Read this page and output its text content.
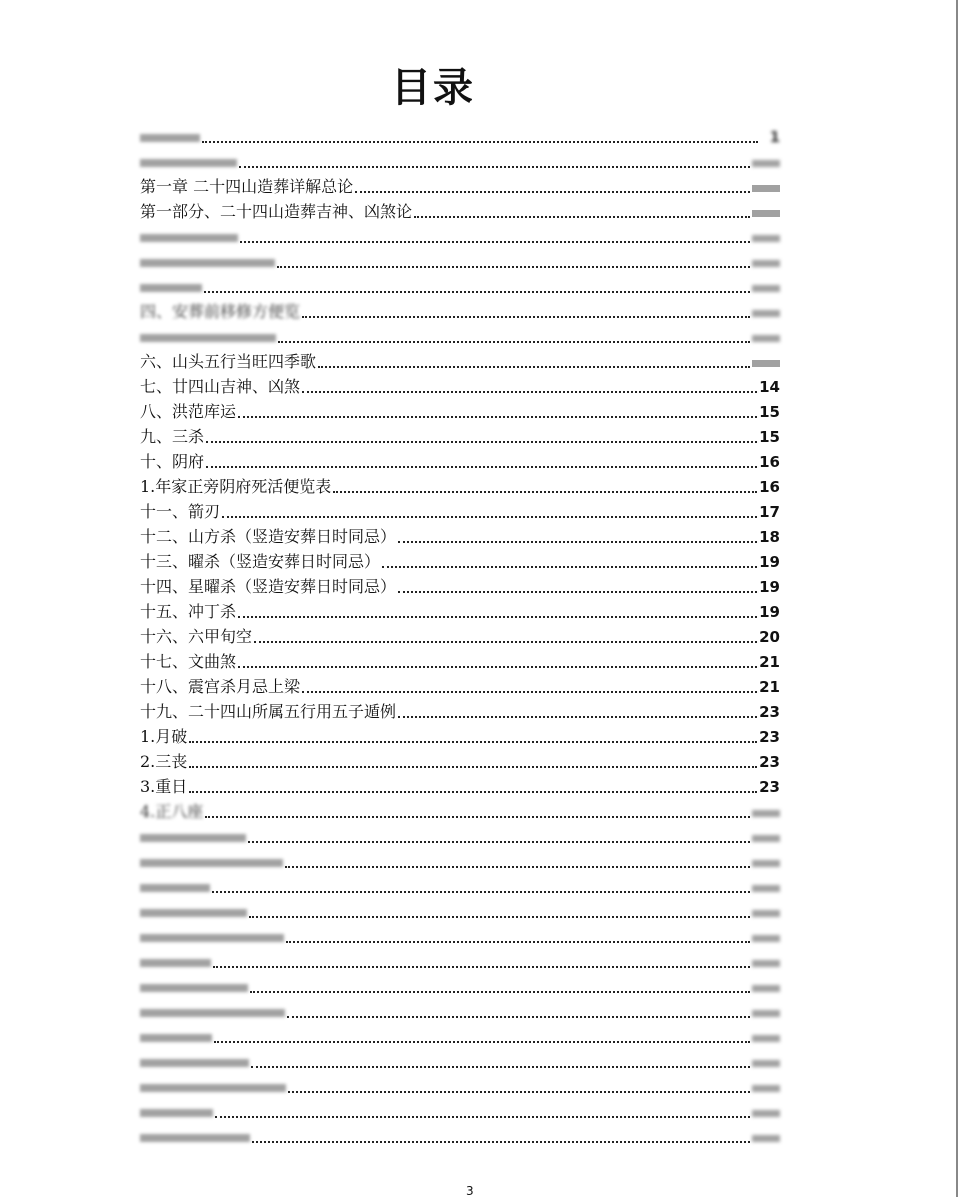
目录
1
第一章 二十四山造葬详解总论
第一部分、二十四山造葬吉神、凶煞论
四、安葬前移修方便览
六、山头五行当旺四季歌
七、廿四山吉神、凶煞	14
八、洪范库运	15
九、三杀	15
十、阴府	16
1.年家正旁阴府死活便览表	16
十一、箭刃	17
十二、山方杀（竖造安葬日时同忌）	18
十三、曜杀（竖造安葬日时同忌）	19
十四、星曜杀（竖造安葬日时同忌）	19
十五、冲丁杀	19
十六、六甲旬空	20
十七、文曲煞	21
十八、震宫杀月忌上梁	21
十九、二十四山所属五行用五子遁例	23
1.月破	23
2.三丧	23
3.重日	23
4.正八座
3
